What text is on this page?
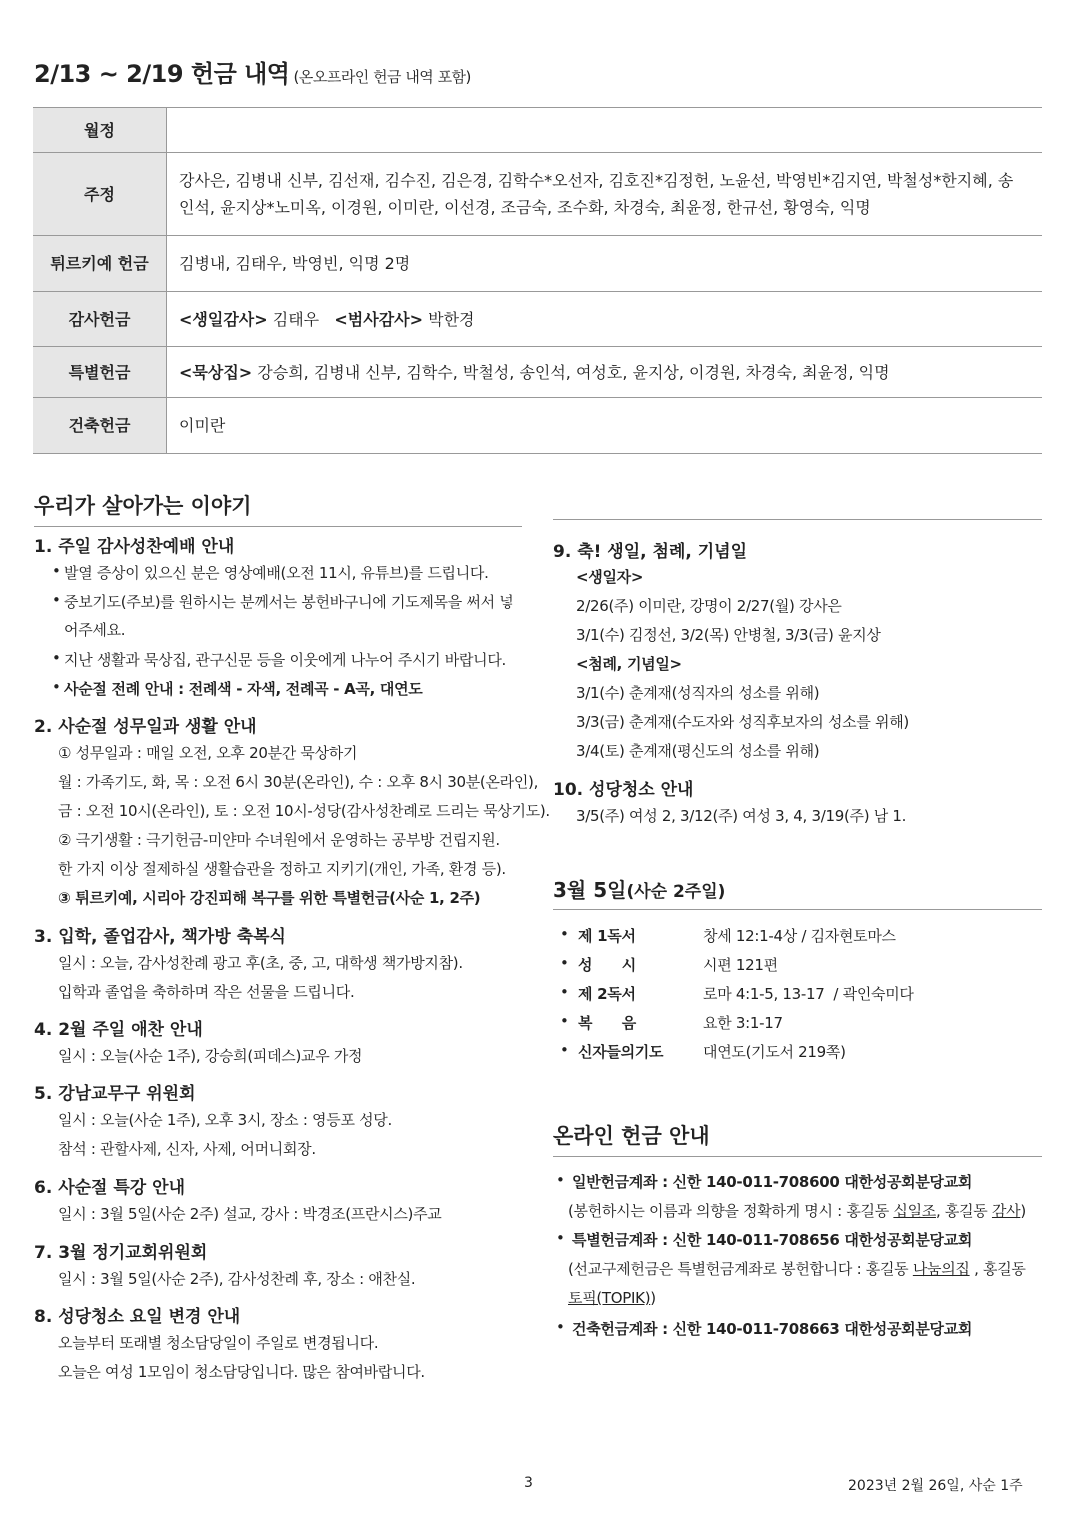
2/13 ~ 2/19 헌금 내역 (온오프라인 헌금 내역 포함)
월정	
주정	강사은, 김병내 신부, 김선재, 김수진, 김은경, 김학수*오선자, 김호진*김정헌, 노윤선, 박영빈*김지연, 박철성*한지혜, 송인석, 윤지상*노미옥, 이경원, 이미란, 이선경, 조금숙, 조수화, 차경숙, 최윤정, 한규선, 황영숙, 익명
튀르키예 헌금	김병내, 김태우, 박영빈, 익명 2명
감사헌금	<생일감사> 김태우 <범사감사> 박한경
특별헌금	<묵상집> 강승희, 김병내 신부, 김학수, 박철성, 송인석, 여성호, 윤지상, 이경원, 차경숙, 최윤정, 익명
건축헌금	이미란
우리가 살아가는 이야기
1. 주일 감사성찬예배 안내
• 발열 증상이 있으신 분은 영상예배(오전 11시, 유튜브)를 드립니다.
• 중보기도(주보)를 원하시는 분께서는 봉헌바구니에 기도제목을 써서 넣
어주세요.
• 지난 생활과 묵상집, 관구신문 등을 이웃에게 나누어 주시기 바랍니다.
• 사순절 전례 안내 : 전례색 - 자색, 전례곡 - A곡, 대연도
2. 사순절 성무일과 생활 안내
① 성무일과 : 매일 오전, 오후 20분간 묵상하기
월 : 가족기도, 화, 목 : 오전 6시 30분(온라인), 수 : 오후 8시 30분(온라인),
금 : 오전 10시(온라인), 토 : 오전 10시-성당(감사성찬례로 드리는 묵상기도).
② 극기생활 : 극기헌금-미얀마 수녀원에서 운영하는 공부방 건립지원.
한 가지 이상 절제하실 생활습관을 정하고 지키기(개인, 가족, 환경 등).
③ 튀르키예, 시리아 강진피해 복구를 위한 특별헌금(사순 1, 2주)
3. 입학, 졸업감사, 책가방 축복식
일시 : 오늘, 감사성찬례 광고 후(초, 중, 고, 대학생 책가방지참).
입학과 졸업을 축하하며 작은 선물을 드립니다.
4. 2월 주일 애찬 안내
일시 : 오늘(사순 1주), 강승희(피데스)교우 가정
5. 강남교무구 위원회
일시 : 오늘(사순 1주), 오후 3시, 장소 : 영등포 성당.
참석 : 관할사제, 신자, 사제, 어머니회장.
6. 사순절 특강 안내
일시 : 3월 5일(사순 2주) 설교, 강사 : 박경조(프란시스)주교
7. 3월 정기교회위원회
일시 : 3월 5일(사순 2주), 감사성찬례 후, 장소 : 애찬실.
8. 성당청소 요일 변경 안내
오늘부터 또래별 청소담당일이 주일로 변경됩니다.
오늘은 여성 1모임이 청소담당입니다. 많은 참여바랍니다.
9. 축! 생일, 첨례, 기념일
<생일자>
2/26(주) 이미란, 강명이 2/27(월) 강사은
3/1(수) 김정선, 3/2(목) 안병철, 3/3(금) 윤지상
<첨례, 기념일>
3/1(수) 춘계재(성직자의 성소를 위해)
3/3(금) 춘계재(수도자와 성직후보자의 성소를 위해)
3/4(토) 춘계재(평신도의 성소를 위해)
10. 성당청소 안내
3/5(주) 여성 2, 3/12(주) 여성 3, 4, 3/19(주) 남 1.
3월 5일(사순 2주일)
• 제 1독서	창세 12:1-4상 / 김자현토마스
• 성      시	시편 121편
• 제 2독서	로마 4:1-5, 13-17  / 곽인숙미다
• 복      음	요한 3:1-17
• 신자들의기도	대연도(기도서 219쪽)
온라인 헌금 안내
• 일반헌금계좌 : 신한 140-011-708600 대한성공회분당교회
(봉헌하시는 이름과 의향을 정확하게 명시 : 홍길동 십일조, 홍길동 감사)
• 특별헌금계좌 : 신한 140-011-708656 대한성공회분당교회
(선교구제헌금은 특별헌금계좌로 봉헌합니다 : 홍길동 나눔의집 , 홍길동
토픽(TOPIK))
• 건축헌금계좌 : 신한 140-011-708663 대한성공회분당교회
3	2023년 2월 26일, 사순 1주
